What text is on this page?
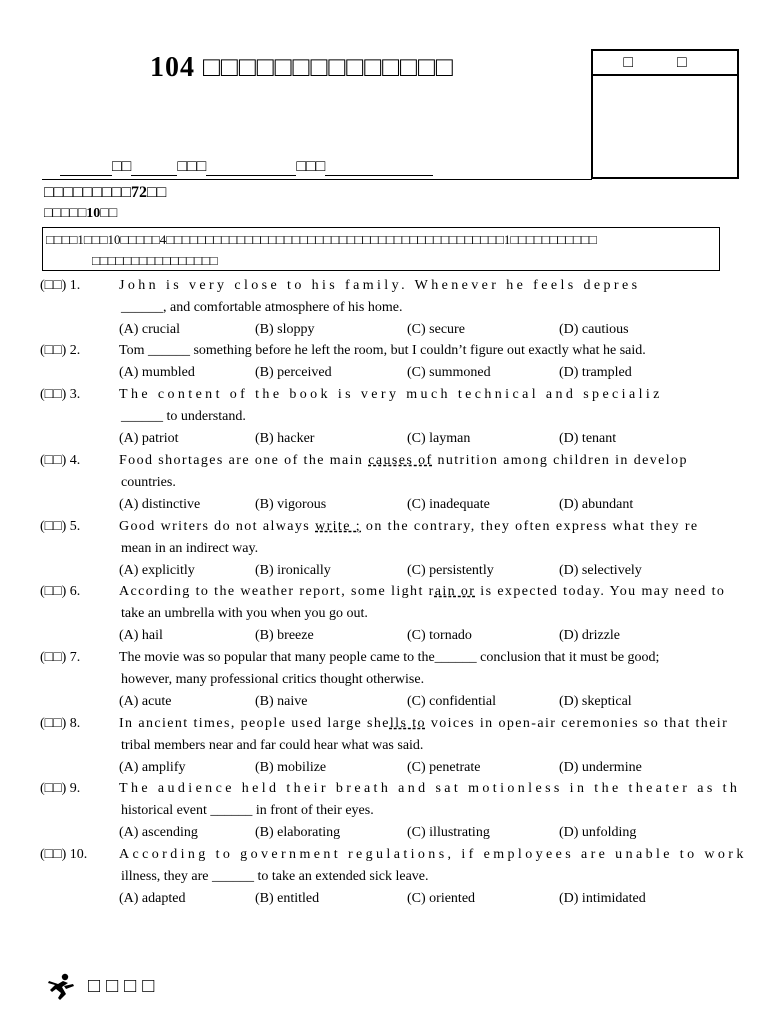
104 □□□□□□□□□□□□□□	□ □
□□	□□□	□□□
□□□□□□□□□72□□
□□□□□10□□
□□□□1□□□10□□□□□4□□□□□□□□□□□□□□□□□□□□□□□□□□□□□□□□□□□□□□□□□□□1□□□□□□□□□□□
□□□□□□□□□□□□□□□□
(□□) 1.	John is very close to his family. Whenever he feels depres
______, and comfortable atmosphere of his home.
(A) crucial	(B) sloppy	(C) secure	(D) cautious
(□□) 2.	Tom ______ something before he left the room, but I couldn’t figure out exactly what he said.
(A) mumbled	(B) perceived	(C) summoned	(D) trampled
(□□) 3.	The content of the book is very much technical and specializ
______ to understand.
(A) patriot	(B) hacker	(C) layman	(D) tenant
(□□) 4.	Food shortages are one of the main causes of nutrition among children in develop
countries.
(A) distinctive	(B) vigorous	(C) inadequate	(D) abundant
(□□) 5.	Good writers do not always write ; on the contrary, they often express what they re
mean in an indirect way.
(A) explicitly	(B) ironically	(C) persistently	(D) selectively
(□□) 6.	According to the weather report, some light rain or is expected today. You may need to
take an umbrella with you when you go out.
(A) hail	(B) breeze	(C) tornado	(D) drizzle
(□□) 7.	The movie was so popular that many people came to the______ conclusion that it must be good;
however, many professional critics thought otherwise.
(A) acute	(B) naive	(C) confidential	(D) skeptical
(□□) 8.	In ancient times, people used large shells to voices in open-air ceremonies so that their
tribal members near and far could hear what was said.
(A) amplify	(B) mobilize	(C) penetrate	(D) undermine
(□□) 9.	The audience held their breath and sat motionless in the theater as th
historical event ______ in front of their eyes.
(A) ascending	(B) elaborating	(C) illustrating	(D) unfolding
(□□) 10.	According to government regulations, if employees are unable to work
illness, they are ______ to take an extended sick leave.
(A) adapted	(B) entitled	(C) oriented	(D) intimidated
□□□□
